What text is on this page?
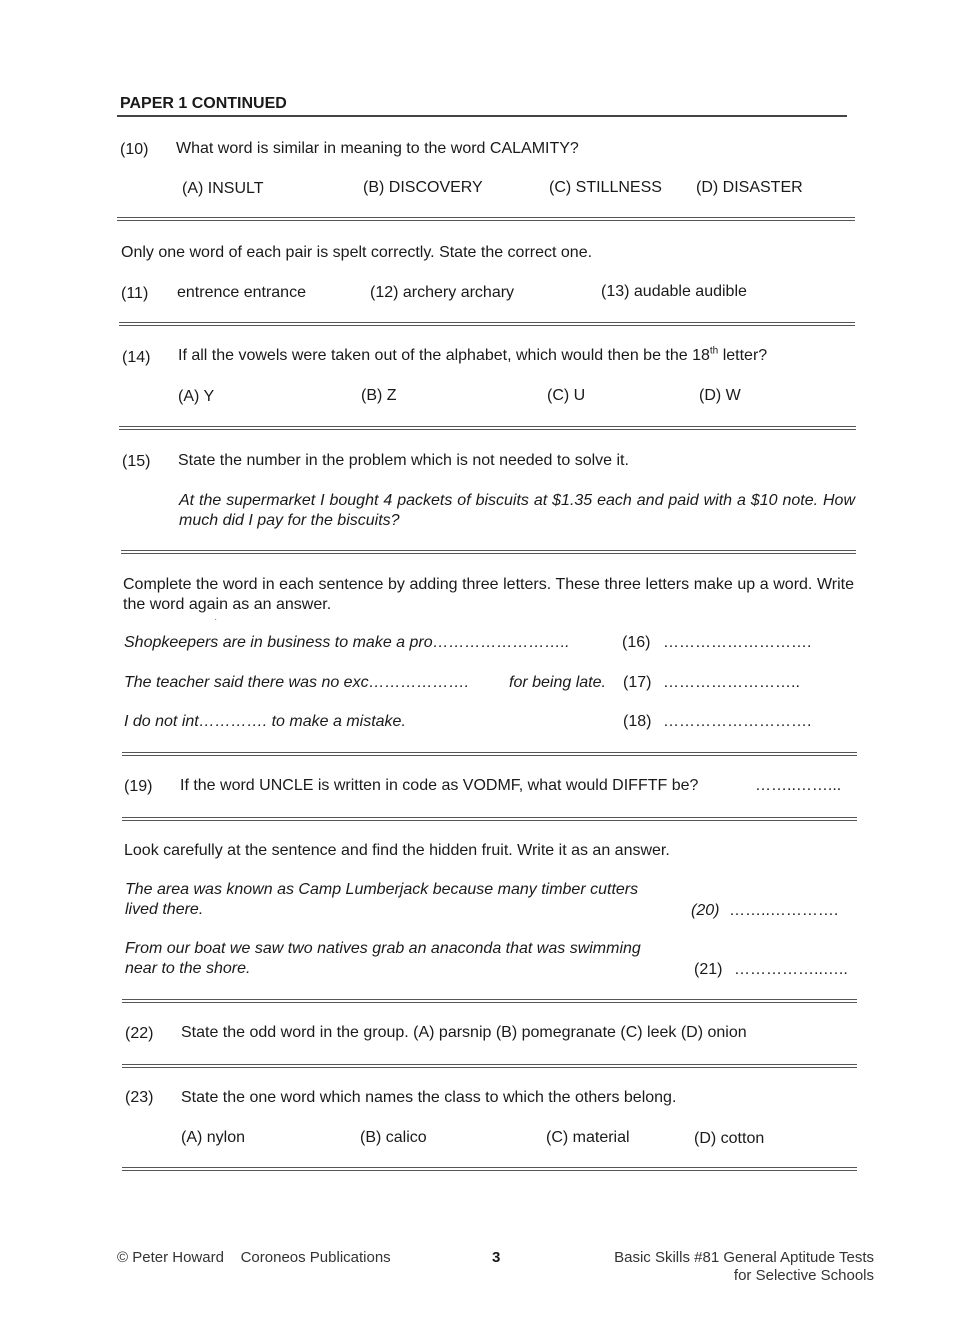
PAPER 1 CONTINUED
(10) What word is similar in meaning to the word CALAMITY?
(A) INSULT	(B) DISCOVERY	(C) STILLNESS (D) DISASTER
Only one word of each pair is spelt correctly. State the correct one.
(11) entrence entrance	(12) archery archary	(13) audable audible
(14) If all the vowels were taken out of the alphabet, which would then be the 18th letter?
(A) Y	(B) Z	(C) U	(D) W
(15) State the number in the problem which is not needed to solve it.
At the supermarket I bought 4 packets of biscuits at $1.35 each and paid with a $10 note. How much did I pay for the biscuits?
Complete the word in each sentence by adding three letters. These three letters make up a word. Write the word again as an answer.
·
Shopkeepers are in business to make a pro……………………..	(16) ……………………….
The teacher said there was no exc………………. for being late. (17) ……………………..
I do not int…………. to make a mistake.	(18) ……………………….
(19) If the word UNCLE is written in code as VODMF, what would DIFFTF be?	……..……...
Look carefully at the sentence and find the hidden fruit. Write it as an answer.
The area was known as Camp Lumberjack because many timber cutters
lived there.	(20) ……..………….
From our boat we saw two natives grab an anaconda that was swimming
near to the shore.	(21) ……………..…..
(22) State the odd word in the group. (A) parsnip (B) pomegranate (C) leek (D) onion
(23) State the one word which names the class to which the others belong.
(A) nylon	(B) calico	(C) material	(D) cotton
© Peter Howard    Coroneos Publications	3	Basic Skills #81 General Aptitude Tests
for Selective Schools
